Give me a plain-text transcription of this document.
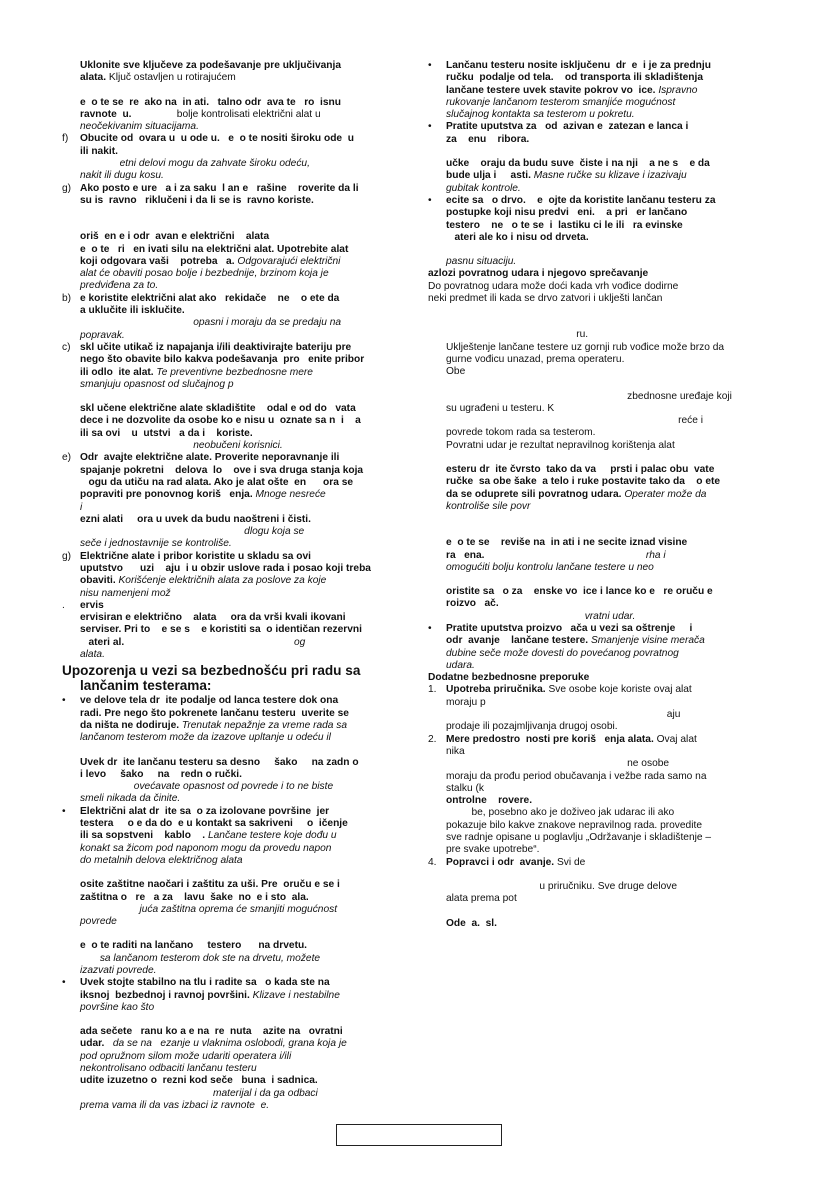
Uklonite sve ključeve za podešavanje pre uključivanja
alata. Ključ ostavljen u rotirajućem
e  o te se  re  ako na  in ati.   talno odr  ava te   ro  isnu
ravnote  u.                bolje kontrolisati električni alat u
neočekivanim situacijama.
f)	Obucite od  ovara u  u ode u.   e  o te nositi široku ode  u
ili nakit.
etni delovi mogu da zahvate široku odeću,
nakit ili dugu kosu.
g) Ako posto e ure   a i za saku  l an e   rašine    roverite da li
su is  ravno   riklučeni i da li se is  ravno koriste.
oriš  en e i odr  avan e električni    alata
e  o te   ri   en ivati silu na električni alat. Upotrebite alat
koji odgovara vaši    potreba   a. Odgovarajući električni
alat će obaviti posao bolje i bezbednije, brzinom koja je
predviđena za to.
b) e koristite električni alat ako   rekidače    ne    o ete da
a uklučite ili isklučite.
opasni i moraju da se predaju na
popravak.
c) skl učite utikač iz napajanja i/ili deaktivirajte bateriju pre
nego što obavite bilo kakva podešavanja  pro   enite pribor
ili odlo  ite alat. Te preventivne bezbednosne mere
smanjuju opasnost od slučajnog p
skl učene električne alate skladištite    odal e od do   vata
dece i ne dozvolite da osobe ko e nisu u  oznate sa n  i    a
ili sa ovi    u  utstvi   a da i    koriste.
neobučeni korisnici.
e) Odr  avajte električne alate. Proverite neporavnanje ili
spajanje pokretni    delova  lo    ove i sva druga stanja koja
ogu da utiču na rad alata. Ako je alat oštе  en      ora se
popraviti pre ponovnog koriš   enja. Mnoge nesreće
i
ezni alati     ora u uvek da budu naoštreni i čisti.
dlogu koja se
seče i jednostavnije se kontroliše.
g) Električne alate i pribor koristite u skladu sa ovi
uputstvo      uzi    aju  i u obzir uslove rada i posao koji treba
obaviti. Korišćenje električnih alata za poslove za koje
nisu namenjeni mož
.	ervis
ervisiran e električno    alata     ora da vrši kvali ikovani
serviser. Pri to    e se s    e koristiti sa  o identičan rezervni
ateri al.                                                            og
alata.
Upozorenja u vezi sa bezbednošću pri radu sa
lančanim testerama:
•	ve delove tela dr  ite podalje od lanca testere dok ona
radi. Pre nego što pokrenete lančanu testeru  uverite se
da ništa ne dodiruje. Trenutak nepažnje za vreme rada sa
lančanom testerom može da izazove upltanje u odeću il
Uvek dr  ite lančanu testeru sa desno     šako     na zadn o
i levo     šako     na    redn o ručki.
ovećavate opasnost od povrede i to ne biste
smeli nikada da činite.
•	Električni alat dr  ite sa  o za izolovane površine  jer
testera     o e da do  e u kontakt sa sakriveni     o  ičenje
ili sa sopstveni    kablo    . Lančane testere koje dođu u
konakt sa žicom pod naponom mogu da provedu napon
do metalnih delova električnog alata
osite zaštitne naočari i zaštitu za uši. Pre  oruču e se i
zaštitna o   re   a za    lavu  šake  no  e i sto  ala.
juća zaštitna oprema će smanjiti mogućnost
povrede
e  o te raditi na lančano     testero      na drvetu.
sa lančanom testerom dok ste na drvetu, možete
izazvati povrede.
•	Uvek stojte stabilno na tlu i radite sa   o kada ste na
iksnoj  bezbednoj i ravnoj površini. Klizave i nestabilne
površine kao što
ada sečete   ranu ko a e na  re  nuta    azite na   ovratni
udar.   da se na   ezanje u vlaknima oslobodi, grana koja je
pod opružnom silom može udariti operatera i/ili
nekontrolisano odbaciti lančanu testeru
udite izuzetno o  rezni kod seče   buna  i sadnica.
materijal i da ga odbaci
prema vama ili da vas izbaci iz ravnote  e.
•	Lančanu testeru nosite isključenu  dr  e  i je za prednju
ručku  podalje od tela.    od transporta ili skladištenja
lančane testere uvek stavite pokrov vo  ice. Ispravno
rukovanje lančanom testerom smanjiće mogućnost
slučajnog kontakta sa testerom u pokretu.
•	Pratite uputstva za   od  azivan e  zatezan e lanca i
za    enu    ribora.
učke    oraju da budu suve  čiste i na nji    a ne s    e da
bude ulja i     asti. Masne ručke su klizave i izazivaju
gubitak kontrole.
•	ecite sa   o drvo.    e  ojte da koristite lančanu testeru za
postupke koji nisu predvi   eni.    a pri   er lančano
testero    ne   o te se  i  lastiku ci le ili   ra evinske
ateri ale ko i nisu od drveta.
pasnu situaciju.
azlozi povratnog udara i njegovo sprečavanje
Do povratnog udara može doći kada vrh vođice dodirne
neki predmet ili kada se drvo zatvori i uklješti lančan
ru.
Uklještenje lančane testere uz gornji rub vođice može brzo da
gurne vođicu unazad, prema operateru.
Obe
zbednosne uređaje koji
su ugrađeni u testeru. K
reće i
povrede tokom rada sa testerom.
Povratni udar je rezultat nepravilnog korištenja alat
esteru dr  ite čvrsto  tako da va     prsti i palac obu  vate
ručke  sa obe šake  a telo i ruke postavite tako da    o ete
da se oduprete sili povratnog udara. Operater može da
kontroliše sile povr
e  o te se    reviše na  in ati i ne secite iznad visine
ra   ena.                                                         rha i
omogućiti bolju kontrolu lančane testere u neo
oristite sa   o za    enske vo  ice i lance ko e   re oruču e
roizvo   ač.
vratni udar.
•	Pratite uputstva proizvo   ača u vezi sa oštrenje     i
odr  avanje    lančane testere. Smanjenje visine merača
dubine seče može dovesti do povećanog povratnog
udara.
Dodatne bezbednosne preporuke
1. Upotreba priručnika. Sve osobe koje koriste ovaj alat
moraju p
aju
prodaje ili pozajmljivanja drugoj osobi.
2. Mere predostro  nosti pre koriš   enja alata. Ovaj alat
nika
ne osobe
moraju da prođu period obučavanja i vežbe rada samo na
stalku (k
ontrolne    rovere.
be, posebno ako je doživeo jak udarac ili ako
pokazuje bilo kakve znakove nepravilnog rada. provedite
sve radnje opisane u poglavlju „Održavanje i skladištenje –
pre svake upotrebe“.
4. Popravci i odr  avanje. Svi de
u priručniku. Sve druge delove
alata prema pot
Ode  a.  sl.
